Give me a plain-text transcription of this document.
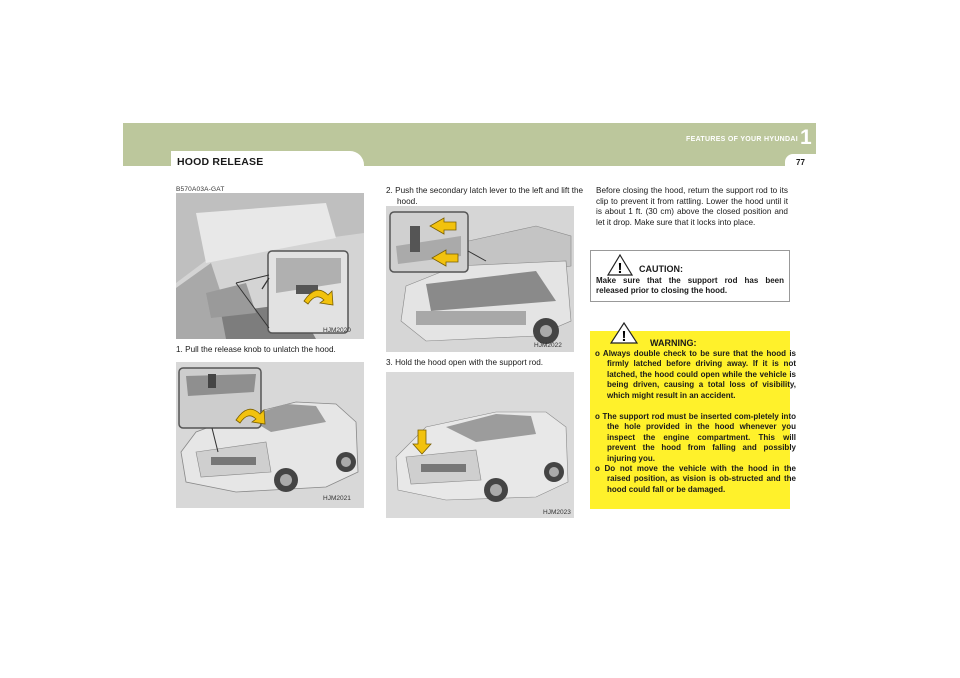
HOOD RELEASE
FEATURES OF YOUR HYUNDAI 1
77
B570A03A-GAT
HJM2020
1. Pull the release knob to unlatch the hood.
HJM2021
2. Push the secondary latch lever to the left and lift the hood.
HJM2022
3. Hold the hood open with the support rod.
HJM2023
Before closing the hood, return the support rod to its clip to prevent it from rattling. Lower the hood until it is about 1 ft. (30 cm) above the closed position and let it drop. Make sure that it locks into place.
! CAUTION:
Make sure that the support rod has been released prior to closing the hood.
!	WARNING:
o Always double check to be sure that the hood is firmly latched before driving away. If it is not latched, the hood could open while the vehicle is being driven, causing a total loss of visibility, which might result in an accident.
o The support rod must be inserted com-pletely into the hole provided in the hood whenever you inspect the engine compartment. This will prevent the hood from falling and possibly injuring you.
o Do not move the vehicle with the hood in the raised position, as vision is ob-structed and the hood could fall or be damaged.
